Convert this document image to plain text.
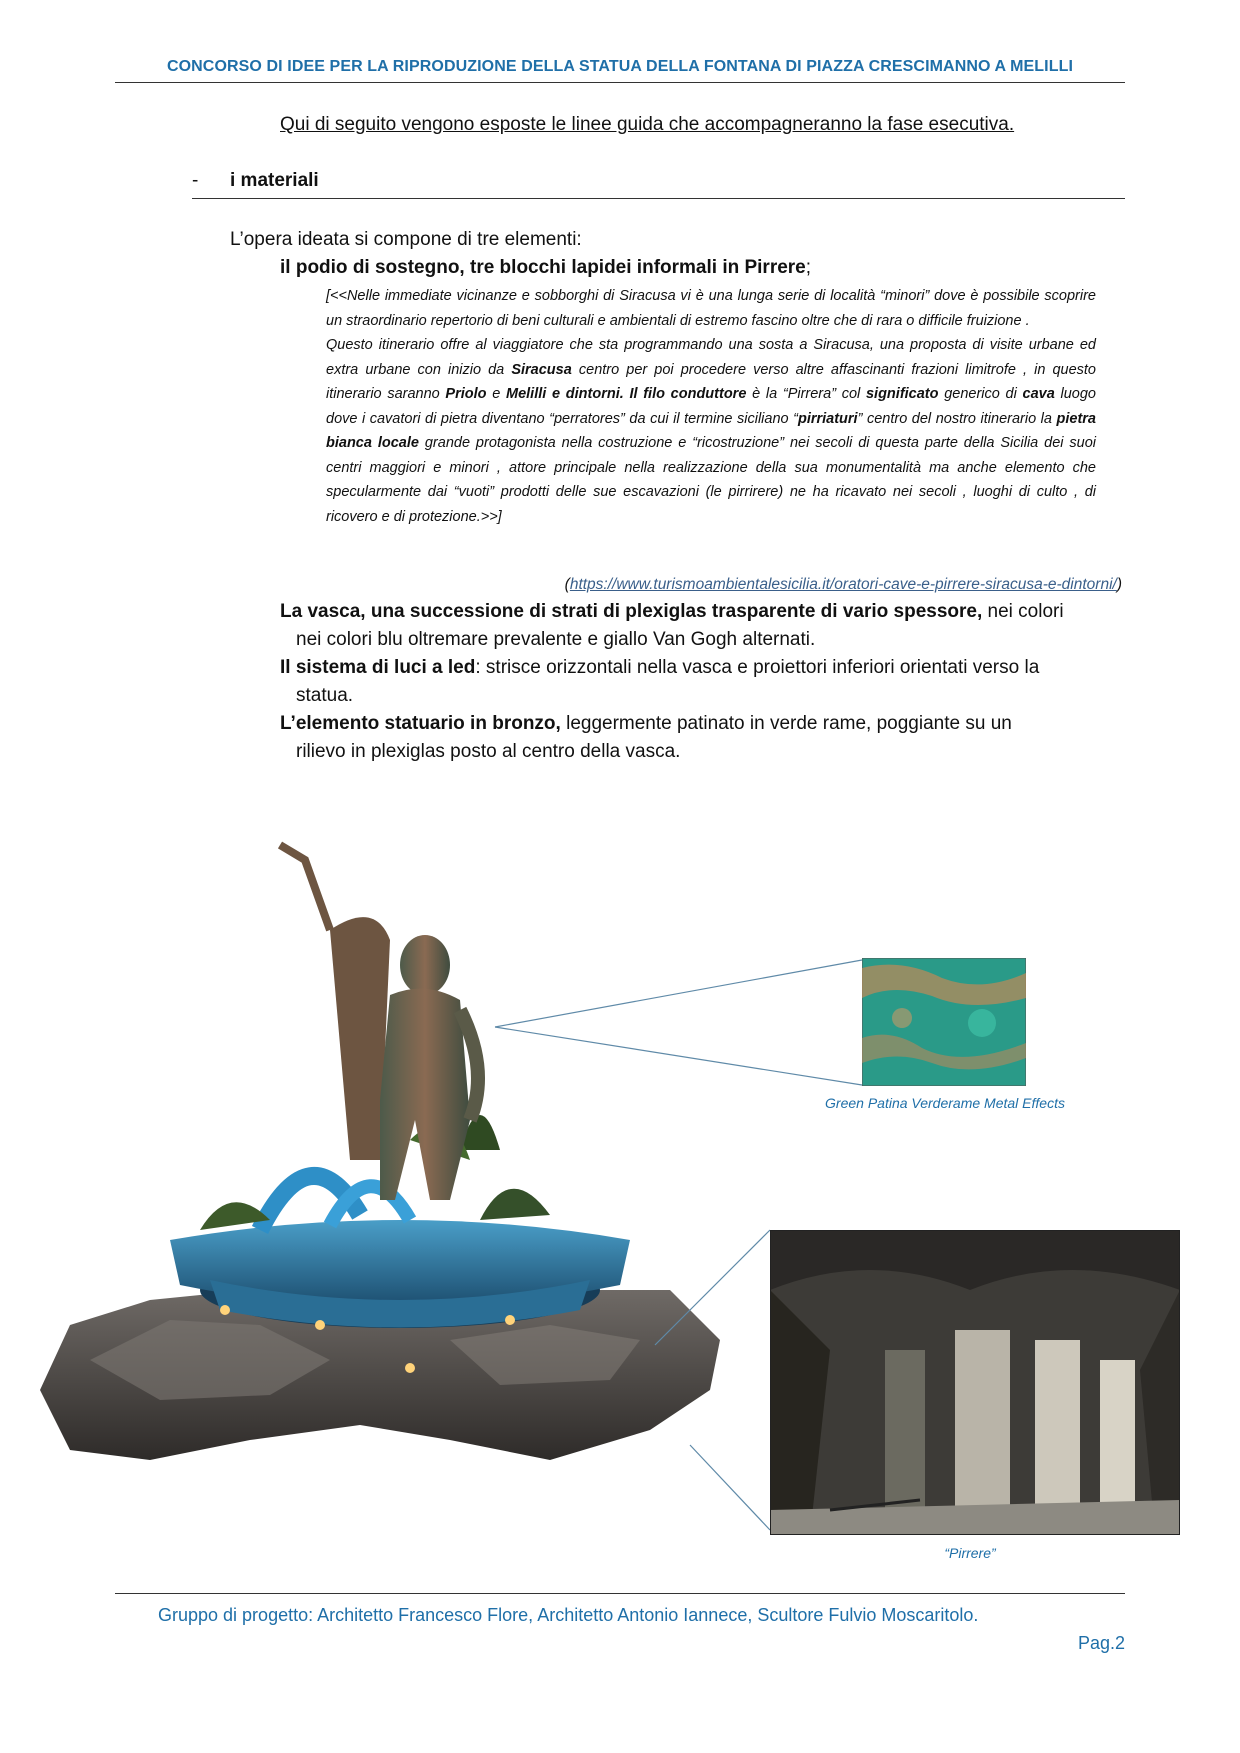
CONCORSO DI IDEE PER LA RIPRODUZIONE DELLA STATUA DELLA FONTANA DI PIAZZA CRESCIMANNO A MELILLI
Qui di seguito vengono esposte le linee guida che accompagneranno la fase esecutiva.
- i materiali
L’opera ideata si compone di tre elementi:
il podio di sostegno, tre blocchi lapidei informali in Pirrere;
[<<Nelle immediate vicinanze e sobborghi di Siracusa vi è una lunga serie di località “minori” dove è possibile scoprire un straordinario repertorio di beni culturali e ambientali di estremo fascino oltre che di rara o difficile fruizione .
Questo itinerario offre al viaggiatore che sta programmando una sosta a Siracusa, una proposta di visite urbane ed extra urbane con inizio da Siracusa centro per poi procedere verso altre affascinanti frazioni limitrofe , in questo itinerario saranno Priolo e Melilli e dintorni. Il filo conduttore è la “Pirrera” col significato generico di cava luogo dove i cavatori di pietra diventano “perratores” da cui il termine siciliano “pirriaturi” centro del nostro itinerario la pietra bianca locale grande protagonista nella costruzione e “ricostruzione” nei secoli di questa parte della Sicilia dei suoi centri maggiori e minori , attore principale nella realizzazione della sua monumentalità ma anche elemento che specularmente dai “vuoti” prodotti delle sue escavazioni (le pirrirere) ne ha ricavato nei secoli , luoghi di culto , di ricovero e di protezione.>>]
(https://www.turismoambientalesicilia.it/oratori-cave-e-pirrere-siracusa-e-dintorni/)
La vasca, una successione di strati di plexiglas trasparente di vario spessore, nei colori
nei colori blu oltremare prevalente e giallo Van Gogh alternati.
Il sistema di luci a led: strisce orizzontali nella vasca e proiettori inferiori orientati verso la
statua.
L’elemento statuario in bronzo, leggermente patinato in verde rame, poggiante su un
rilievo in plexiglas posto al centro della vasca.
Green Patina Verderame Metal Effects
“Pirrere”
Gruppo di progetto: Architetto Francesco Flore, Architetto Antonio Iannece, Scultore Fulvio Moscaritolo.
Pag.2
